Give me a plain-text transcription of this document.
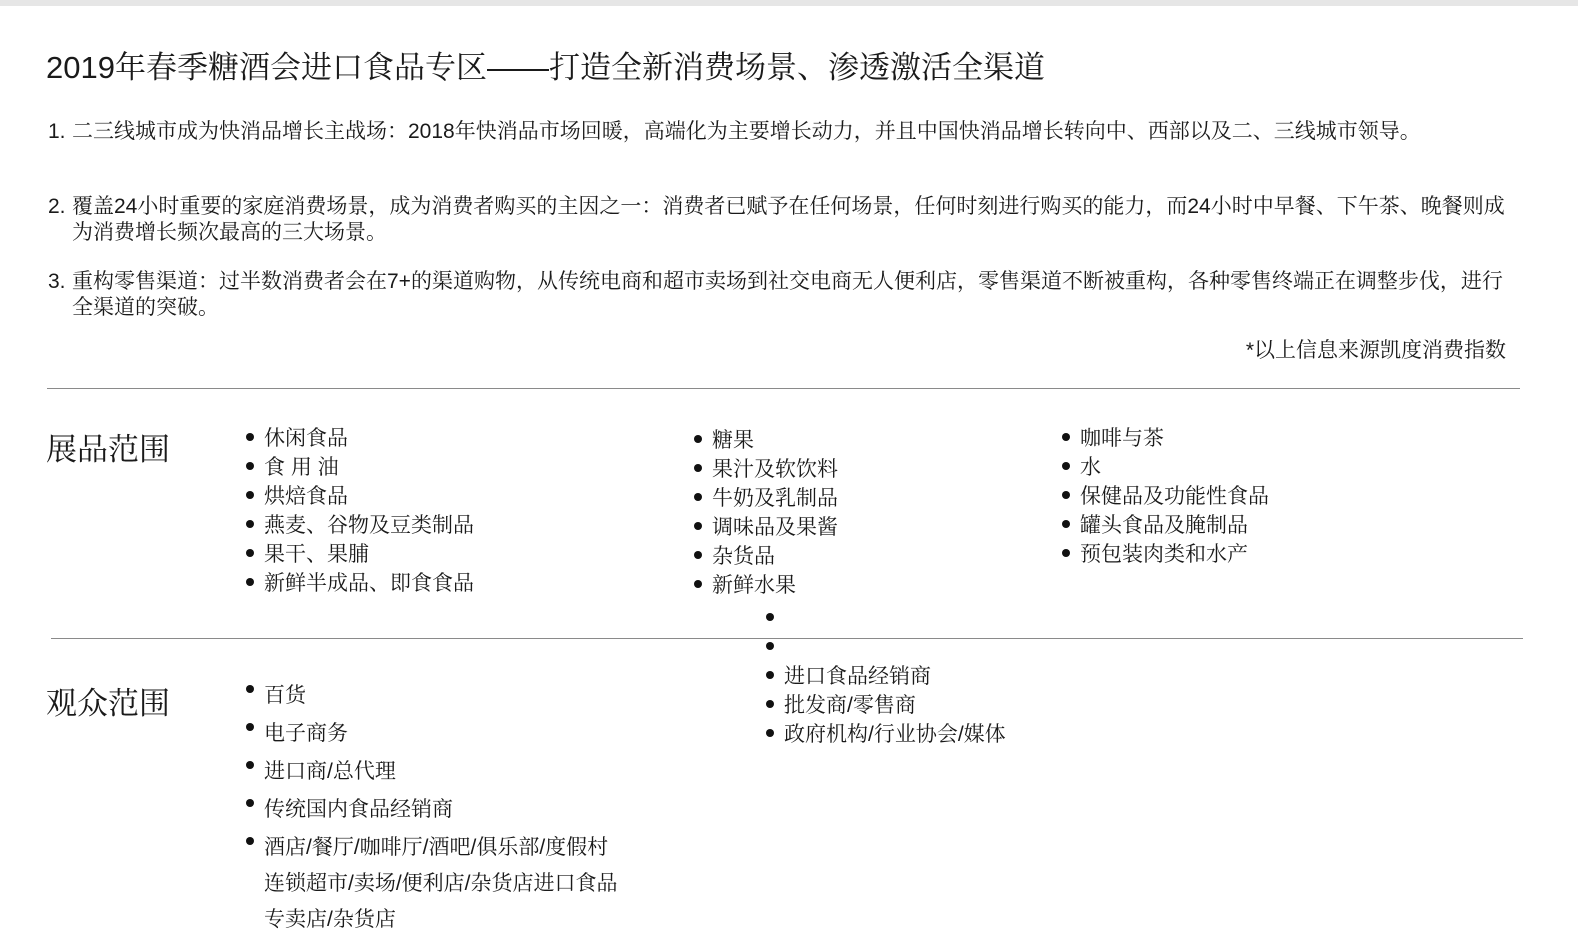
2019年春季糖酒会进口食品专区——打造全新消费场景、渗透激活全渠道

1. 二三线城市成为快消品增长主战场：2018年快消品市场回暖，高端化为主要增长动力，并且中国快消品增长转向中、西部以及二、三线城市领导。

2. 覆盖24小时重要的家庭消费场景，成为消费者购买的主因之一：消费者已赋予在任何场景，任何时刻进行购买的能力，而24小时中早餐、下午茶、晚餐则成为消费增长频次最高的三大场景。

3. 重构零售渠道：过半数消费者会在7+的渠道购物，从传统电商和超市卖场到社交电商无人便利店，零售渠道不断被重构，各种零售终端正在调整步伐，进行全渠道的突破。

*以上信息来源凯度消费指数
展品范围	休闲食品
食 用 油
烘焙食品
燕麦、谷物及豆类制品
果干、果脯
新鲜半成品、即食食品
糖果
果汁及软饮料
牛奶及乳制品
调味品及果酱
杂货品
新鲜水果
咖啡与茶
水
保健品及功能性食品
罐头食品及腌制品
预包装肉类和水产
观众范围	百货
电子商务
进口商/总代理
传统国内食品经销商
酒店/餐厅/咖啡厅/酒吧/俱乐部/度假村
连锁超市/卖场/便利店/杂货店进口食品
专卖店/杂货店

进口食品经销商
批发商/零售商
政府机构/行业协会/媒体
